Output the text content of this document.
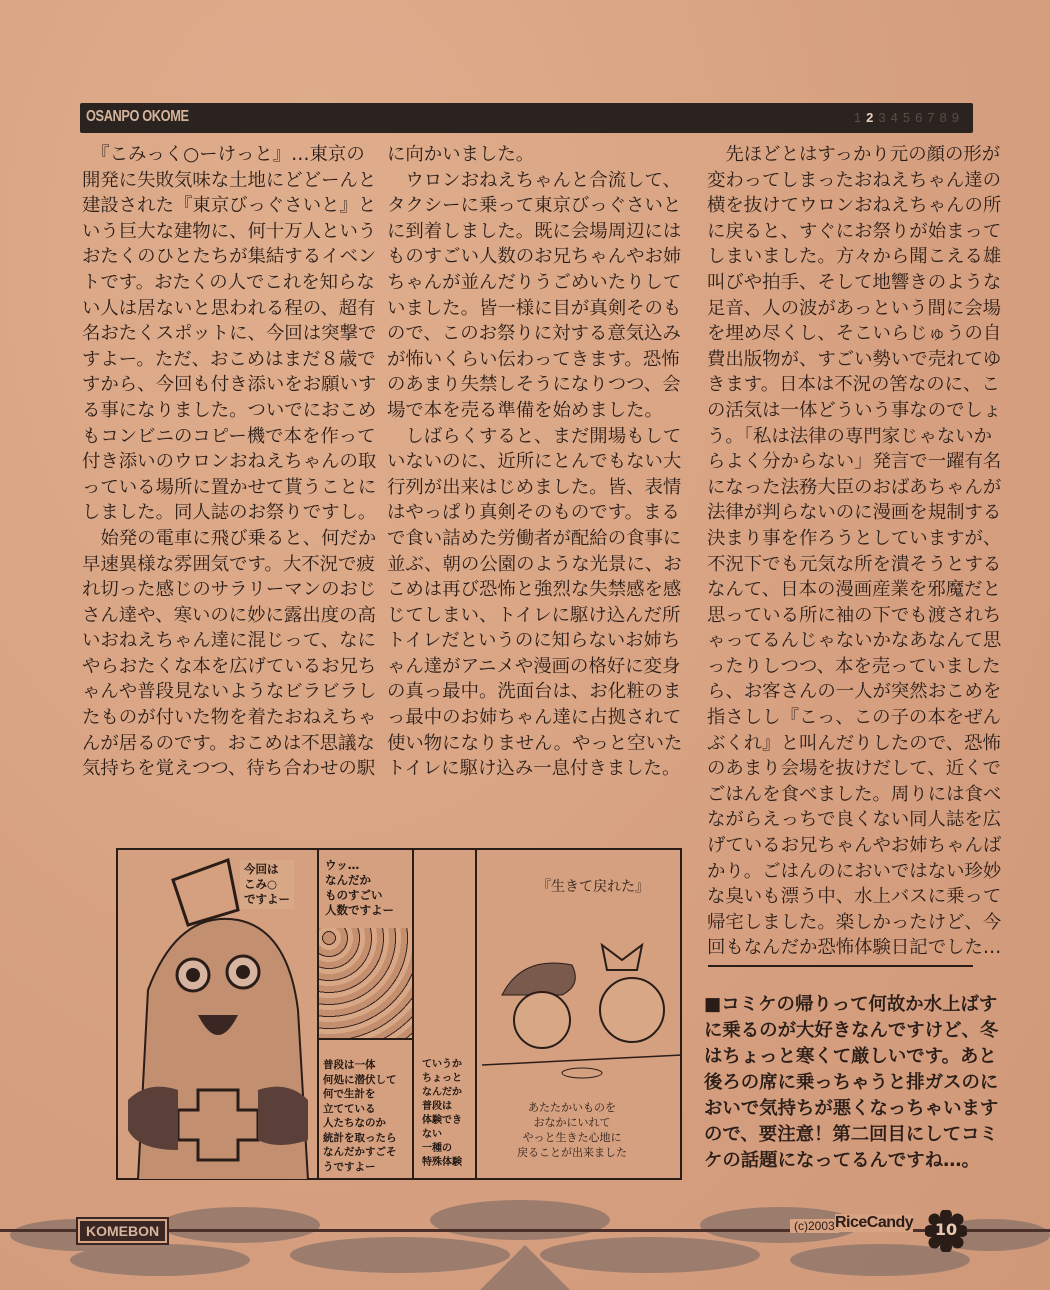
OSANPO OKOME	1 2 3 4 5 6 7 8 9
　『こみっく○ーけっと』…東京の
開発に失敗気味な土地にどどーんと
建設された『東京びっぐさいと』と
いう巨大な建物に、何十万人という
おたくのひとたちが集結するイベン
トです。おたくの人でこれを知らな
い人は居ないと思われる程の、超有
名おたくスポットに、今回は突撃で
すよー。ただ、おこめはまだ８歳で
すから、今回も付き添いをお願いす
る事になりました。ついでにおこめ
もコンビニのコピー機で本を作って
付き添いのウロンおねえちゃんの取
っている場所に置かせて貰うことに
しました。同人誌のお祭りですし。
　始発の電車に飛び乗ると、何だか
早速異様な雰囲気です。大不況で疲
れ切った感じのサラリーマンのおじ
さん達や、寒いのに妙に露出度の高
いおねえちゃん達に混じって、なに
やらおたくな本を広げているお兄ち
ゃんや普段見ないようなビラビラし
たものが付いた物を着たおねえちゃ
んが居るのです。おこめは不思議な
気持ちを覚えつつ、待ち合わせの駅
に向かいました。
　ウロンおねえちゃんと合流して、
タクシーに乗って東京びっぐさいと
に到着しました。既に会場周辺には
ものすごい人数のお兄ちゃんやお姉
ちゃんが並んだりうごめいたりして
いました。皆一様に目が真剣そのも
ので、このお祭りに対する意気込み
が怖いくらい伝わってきます。恐怖
のあまり失禁しそうになりつつ、会
場で本を売る準備を始めました。
　しばらくすると、まだ開場もして
いないのに、近所にとんでもない大
行列が出来はじめました。皆、表情
はやっぱり真剣そのものです。まる
で食い詰めた労働者が配給の食事に
並ぶ、朝の公園のような光景に、お
こめは再び恐怖と強烈な失禁感を感
じてしまい、トイレに駆け込んだ所
トイレだというのに知らないお姉ち
ゃん達がアニメや漫画の格好に変身
の真っ最中。洗面台は、お化粧のま
っ最中のお姉ちゃん達に占拠されて
使い物になりません。やっと空いた
トイレに駆け込み一息付きました。
　先ほどとはすっかり元の顔の形が
変わってしまったおねえちゃん達の
横を抜けてウロンおねえちゃんの所
に戻ると、すぐにお祭りが始まって
しまいました。方々から聞こえる雄
叫びや拍手、そして地響きのような
足音、人の波があっという間に会場
を埋め尽くし、そこいらじゅうの自
費出版物が、すごい勢いで売れてゆ
きます。日本は不況の筈なのに、こ
の活気は一体どういう事なのでしょ
う。「私は法律の専門家じゃないか
らよく分からない」発言で一躍有名
になった法務大臣のおばあちゃんが
法律が判らないのに漫画を規制する
決まり事を作ろうとしていますが、
不況下でも元気な所を潰そうとする
なんて、日本の漫画産業を邪魔だと
思っている所に袖の下でも渡されち
ゃってるんじゃないかなあなんて思
ったりしつつ、本を売っていました
ら、お客さんの一人が突然おこめを
指さしし『こっ、この子の本をぜん
ぶくれ』と叫んだりしたので、恐怖
のあまり会場を抜けだして、近くで
ごはんを食べました。周りには食べ
ながらえっちで良くない同人誌を広
げているお兄ちゃんやお姉ちゃんば
かり。ごはんのにおいではない珍妙
な臭いも漂う中、水上バスに乗って
帰宅しました。楽しかったけど、今
回もなんだか恐怖体験日記でした…
■コミケの帰りって何故か水上ばす
に乗るのが大好きなんですけど、冬
はちょっと寒くて厳しいです。あと
後ろの席に乗っちゃうと排ガスのに
おいで気持ちが悪くなっちゃいます
ので、要注意！第二回目にしてコミ
ケの話題になってるんですね…。
今回は
こみ○
ですよー
ウッ…
なんだか
ものすごい
人数ですよー
普段は一体
何処に潜伏して
何で生計を
立てている
人たちなのか
統計を取ったら
なんだかすごそ
うですよー
ていうか
ちょっと
なんだか
普段は
体験でき
ない
一種の
特殊体験
『生きて戻れた』
あたたかいものを
おなかにいれて
やっと生きた心地に
戻ることが出来ました
KOMEBON	(c)2003 RiceCandy	10
